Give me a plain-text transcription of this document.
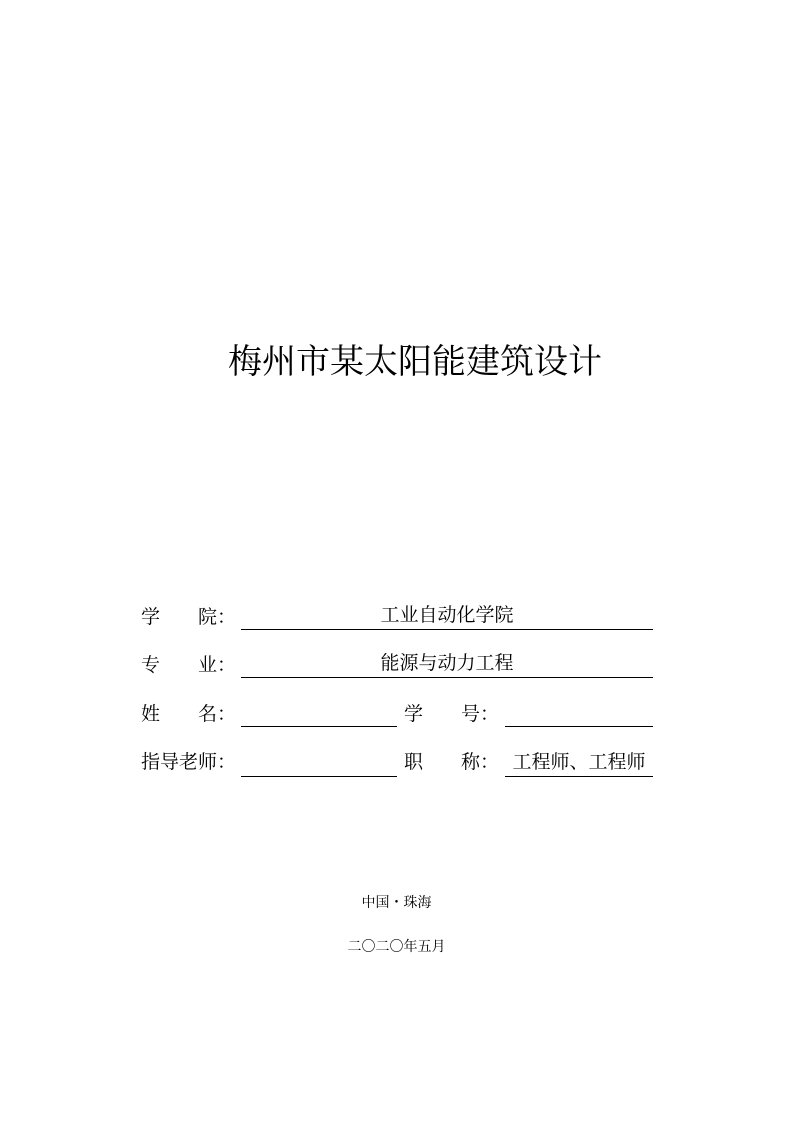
梅州市某太阳能建筑设计
学　　院：	工业自动化学院
专　　业：	能源与动力工程
姓　　名：	学　　号：
指导老师：	职　　称： 工程师、工程师
中国・珠海
二〇二〇年五月
